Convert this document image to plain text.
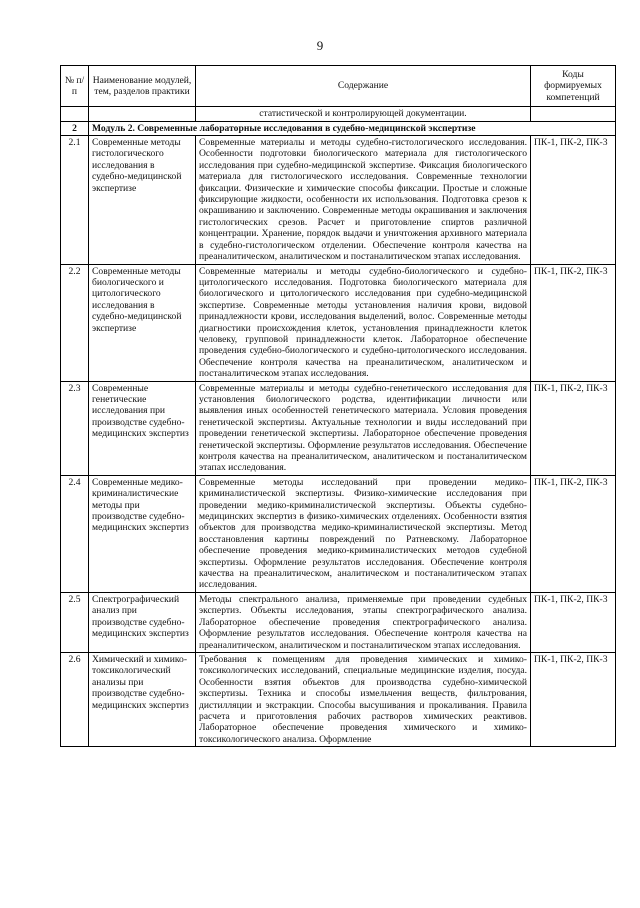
9
№ п/п	Наименование модулей, тем, разделов практики	Содержание	Коды формируемых компетенций
		статистической и контролирующей документации.	
2	Модуль 2. Современные лабораторные исследования в судебно-медицинской экспертизе		
2.1	Современные методы гистологического исследования в судебно-медицинской экспертизе	Современные материалы и методы судебно-гистологического исследования. Особенности подготовки биологического материала для гистологического исследования при судебно-медицинской экспертизе. Фиксация биологического материала для гистологического исследования. Современные технологии фиксации. Физические и химические способы фиксации. Простые и сложные фиксирующие жидкости, особенности их использования. Подготовка срезов к окрашиванию и заключению. Современные методы окрашивания и заключения гистологических срезов. Расчет и приготовление спиртов различной концентрации. Хранение, порядок выдачи и уничтожения архивного материала в судебно-гистологическом отделении. Обеспечение контроля качества на преаналитическом, аналитическом и постаналитическом этапах исследования.	ПК-1, ПК-2, ПК-3
2.2	Современные методы биологического и цитологического исследования в судебно-медицинской экспертизе	Современные материалы и методы судебно-биологического и судебно-цитологического исследования. Подготовка биологического материала для биологического и цитологического исследования при судебно-медицинской экспертизе. Современные методы установления наличия крови, видовой принадлежности крови, исследования выделений, волос. Современные методы диагностики происхождения клеток, установления принадлежности клеток человеку, групповой принадлежности клеток. Лабораторное обеспечение проведения судебно-биологического и судебно-цитологического исследования. Обеспечение контроля качества на преаналитическом, аналитическом и постаналитическом этапах исследования.	ПК-1, ПК-2, ПК-3
2.3	Современные генетические исследования при производстве судебно-медицинских экспертиз	Современные материалы и методы судебно-генетического исследования для установления биологического родства, идентификации личности или выявления иных особенностей генетического материала. Условия проведения генетической экспертизы. Актуальные технологии и виды исследований при проведении генетической экспертизы. Лабораторное обеспечение проведения генетической экспертизы. Оформление результатов исследования. Обеспечение контроля качества на преаналитическом, аналитическом и постаналитическом этапах исследования.	ПК-1, ПК-2, ПК-3
2.4	Современные медико-криминалистические методы при производстве судебно-медицинских экспертиз	Современные методы исследований при проведении медико-криминалистической экспертизы. Физико-химические исследования при проведении медико-криминалистической экспертизы. Объекты судебно-медицинских экспертиз в физико-химических отделениях. Особенности взятия объектов для производства медико-криминалистической экспертизы. Метод восстановления картины повреждений по Ратневскому. Лабораторное обеспечение проведения медико-криминалистических методов судебной экспертизы. Оформление результатов исследования. Обеспечение контроля качества на преаналитическом, аналитическом и постаналитическом этапах исследования.	ПК-1, ПК-2, ПК-3
2.5	Спектрографический анализ при производстве судебно-медицинских экспертиз	Методы спектрального анализа, применяемые при проведении судебных экспертиз. Объекты исследования, этапы спектрографического анализа. Лабораторное обеспечение проведения спектрографического анализа. Оформление результатов исследования. Обеспечение контроля качества на преаналитическом, аналитическом и постаналитическом этапах исследования.	ПК-1, ПК-2, ПК-3
2.6	Химический и химико-токсикологический анализы при производстве судебно-медицинских экспертиз	Требования к помещениям для проведения химических и химико-токсикологических исследований, специальные медицинские изделия, посуда. Особенности взятия объектов для производства судебно-химической экспертизы. Техника и способы измельчения веществ, фильтрования, дистилляции и экстракции. Способы высушивания и прокаливания. Правила расчета и приготовления рабочих растворов химических реактивов. Лабораторное обеспечение проведения химического и химико-токсикологического анализа. Оформление	ПК-1, ПК-2, ПК-3
